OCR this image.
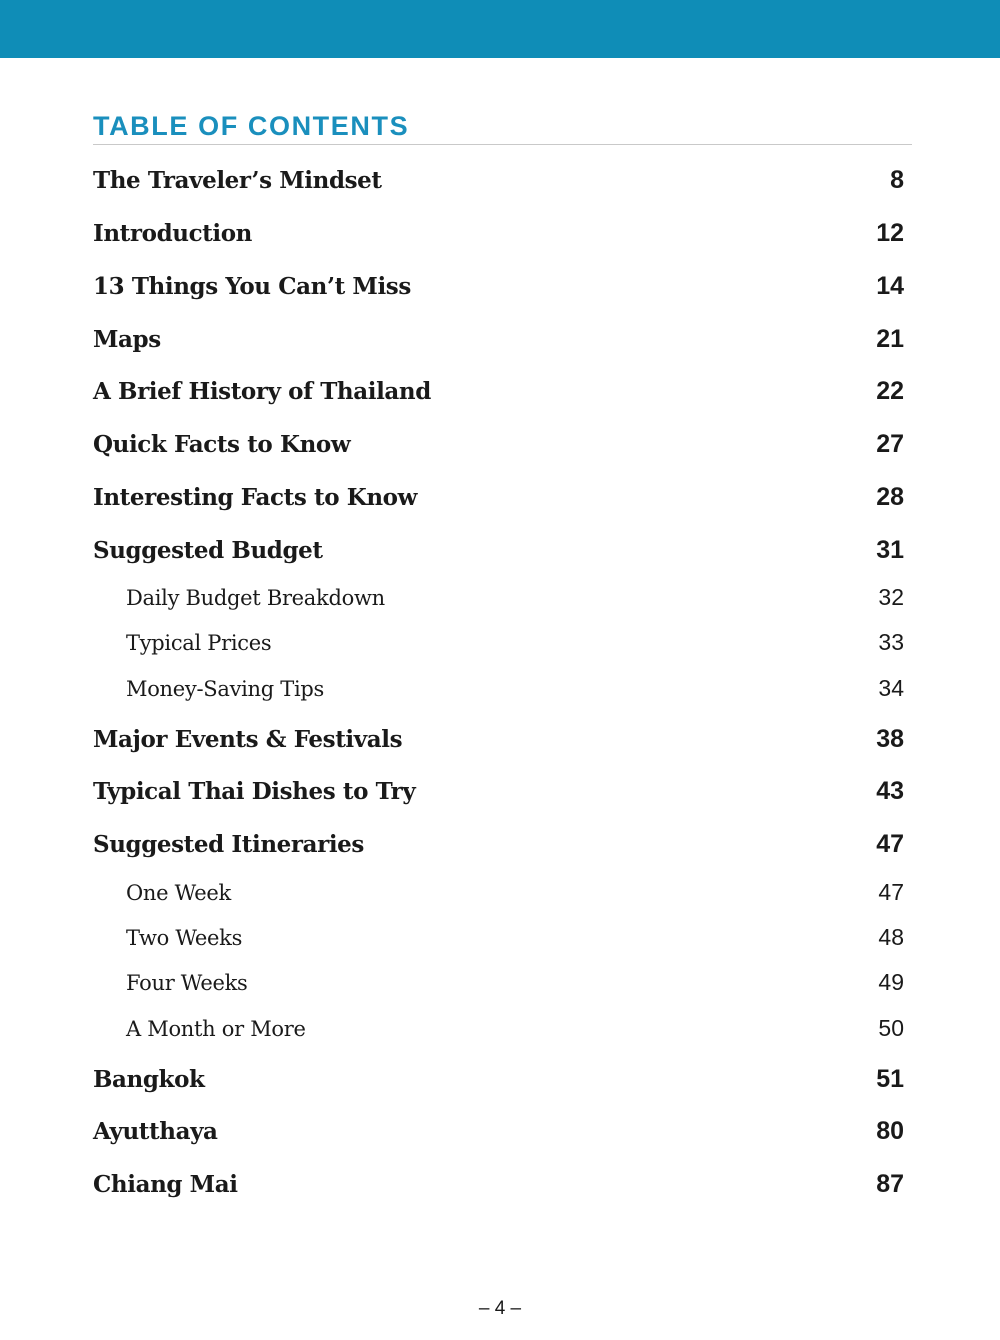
TABLE OF CONTENTS
The Traveler’s Mindset	8
Introduction	12
13 Things You Can’t Miss	14
Maps	21
A Brief History of Thailand	22
Quick Facts to Know	27
Interesting Facts to Know	28
Suggested Budget	31
Daily Budget Breakdown	32
Typical Prices	33
Money-Saving Tips	34
Major Events & Festivals	38
Typical Thai Dishes to Try	43
Suggested Itineraries	47
One Week	47
Two Weeks	48
Four Weeks	49
A Month or More	50
Bangkok	51
Ayutthaya	80
Chiang Mai	87
– 4 –
